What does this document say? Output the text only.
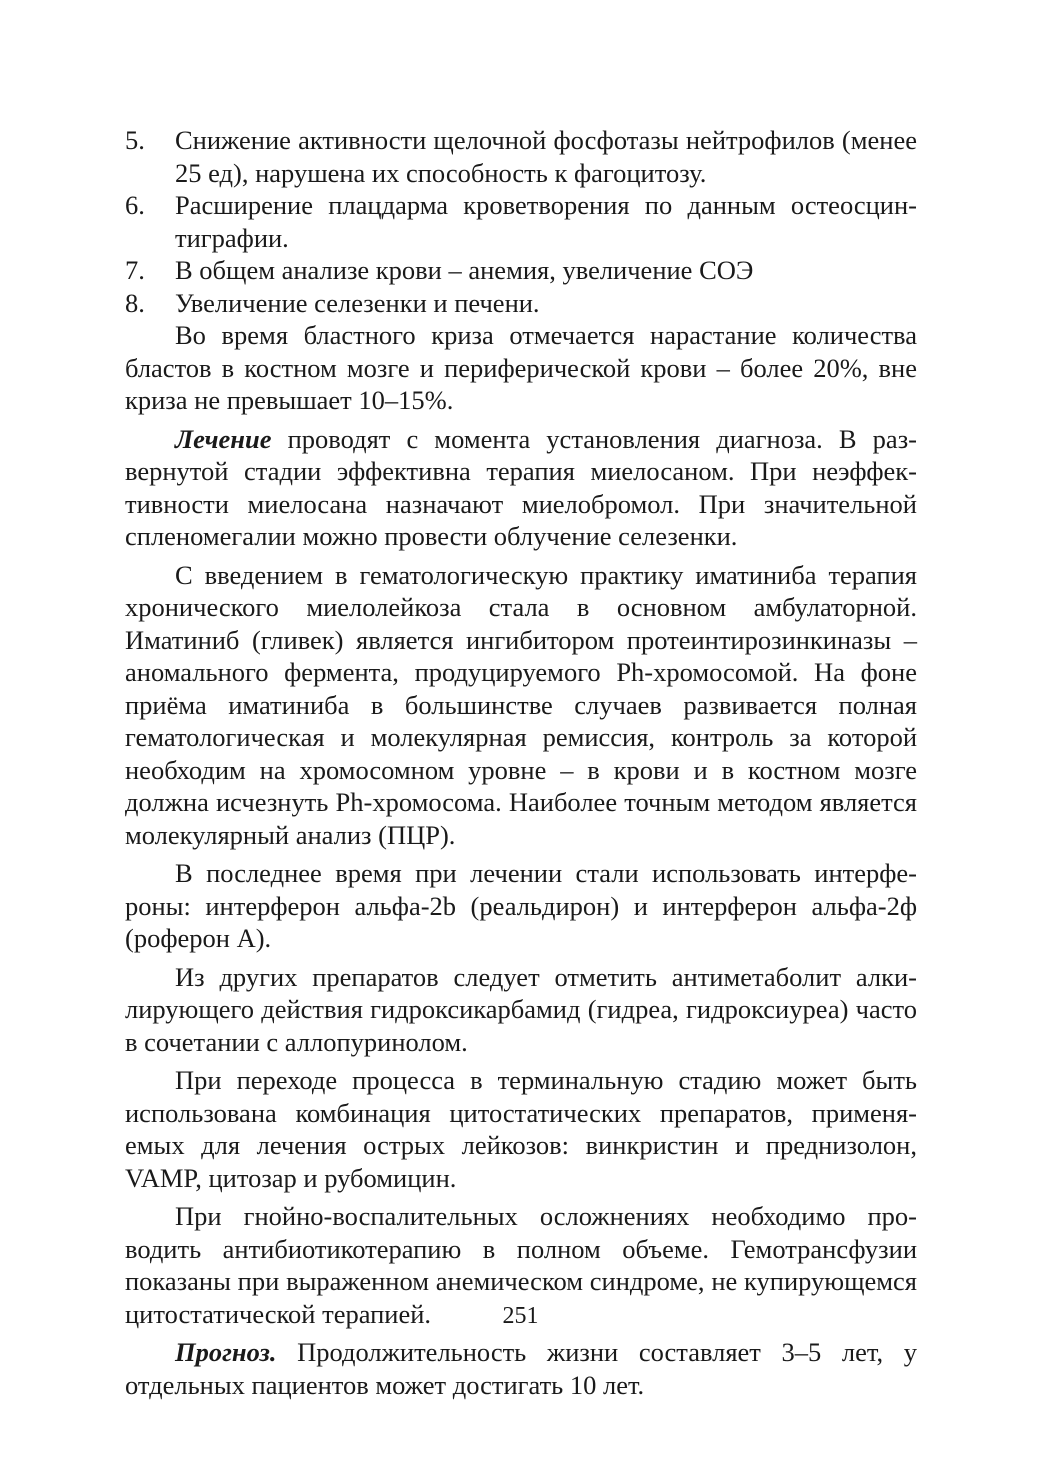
5.	Снижение активности щелочной фосфотазы нейтрофилов (менее 25 ед), нарушена их способность к фагоцитозу.
6.	Расширение плацдарма кроветворения по данным остеосцинтиграфии.
7.	В общем анализе крови – анемия, увеличение СОЭ
8.	Увеличение селезенки и печени.

Во время бластного криза отмечается нарастание количества бластов в костном мозге и периферической крови – более 20%, вне криза не превышает 10–15%.

Лечение проводят с момента установления диагноза. В развернутой стадии эффективна терапия миелосаном. При неэффективности миелосана назначают миелобромол. При значительной спленомегалии можно провести облучение селезенки.

С введением в гематологическую практику иматиниба терапия хронического миелолейкоза стала в основном амбулаторной. Иматиниб (гливек) является ингибитором протеинтирозинкиназы – аномального фермента, продуцируемого Ph-хромосомой. На фоне приёма иматиниба в большинстве случаев развивается полная гематологическая и молекулярная ремиссия, контроль за которой необходим на хромосомном уровне – в крови и в костном мозге должна исчезнуть Ph-хромосома. Наиболее точным методом является молекулярный анализ (ПЦР).

В последнее время при лечении стали использовать интерфероны: интерферон альфа-2b (реальдирон) и интерферон альфа-2ф (роферон А).

Из других препаратов следует отметить антиметаболит алкилирующего действия гидроксикарбамид (гидреа, гидроксиуреа) часто в сочетании с аллопуринолом.

При переходе процесса в терминальную стадию может быть использована комбинация цитостатических препаратов, применяемых для лечения острых лейкозов: винкристин и преднизолон, VAMP, цитозар и рубомицин.

При гнойно-воспалительных осложнениях необходимо проводить антибиотикотерапию в полном объеме. Гемотрансфузии показаны при выраженном анемическом синдроме, не купирующемся цитостатической терапией.

Прогноз. Продолжительность жизни составляет 3–5 лет, у отдельных пациентов может достигать 10 лет.

251
